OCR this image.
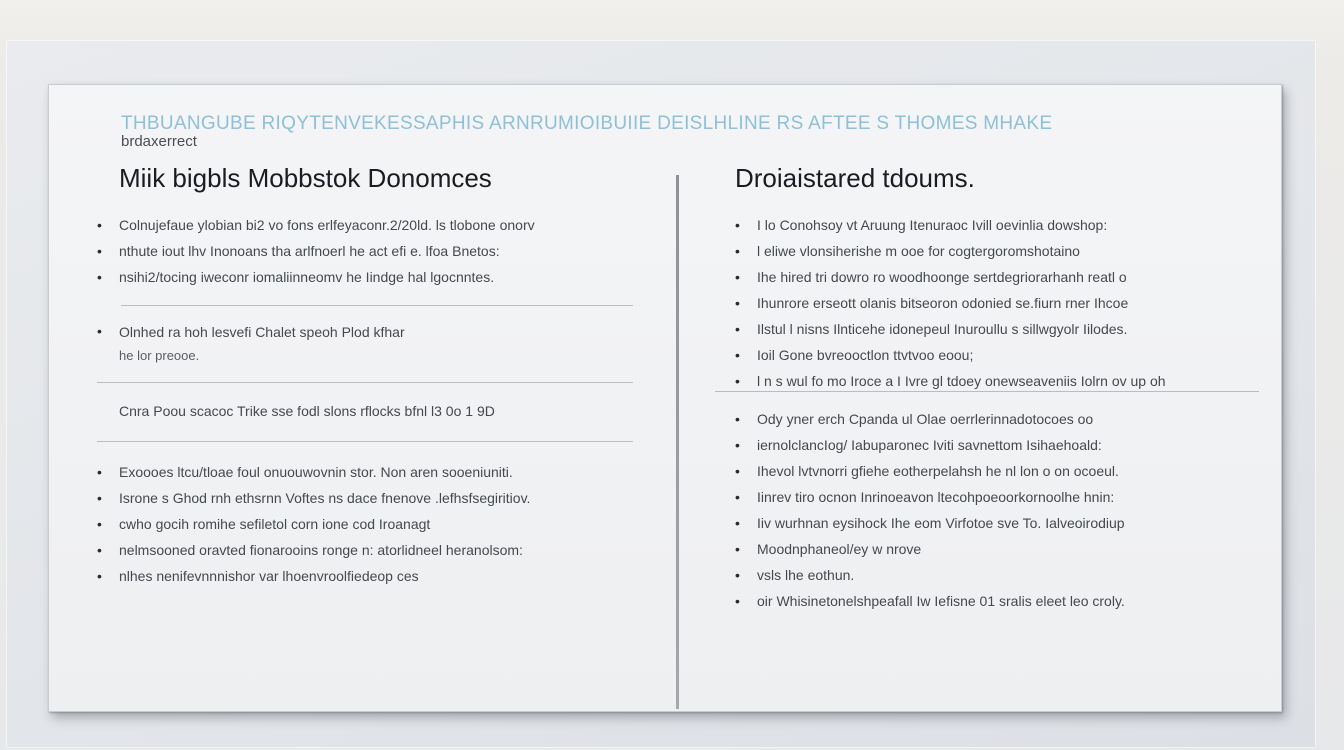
THBUANGUBE RIQYTENVEKESSAPHIS ARNRUMIOIBUIIE DEISLHLINE RS AFTEE S THOMES MHAKE

brdaxerrect

Miik bigbls Mobbstok Donomces
• Colnujefaue ylobian bi2 vo fons erlfeyaconr.2/20ld. ls tlobone onorv
• nthute iout lhv Inonoans tha arlfnoerl he act efi e. lfoa Bnetos:
• nsihi2/tocing iweconr iomaliinneomv he Iindge hal lgocnntes.
• Olnhed ra hoh lesvefi Chalet speoh Plod kfhar

he lor preooe.

Cnra Poou scacoc Trike sse fodl slons rflocks bfnl l3 0o 1 9D

• Exoooes ltcu/tloae foul onuouwovnin stor. Non aren sooeniuniti.
• Isrone s Ghod rnh ethsrnn Voftes ns dace fnenove .lefhsfsegiritiov.
• cwho gocih romihe sefiletol corn ione cod Iroanagt
• nelmsooned oravted fionarooins ronge n: atorlidneel heranolsom:
• nlhes nenifevnnnishor var lhoenvroolfiedeop ces
Droiaistared tdoums.
• I lo Conohsoy vt Aruung Itenuraoc Ivill oevinlia dowshop:
• l eliwe vlonsiherishe m ooe for cogtergoromshotaino
• Ihe hired tri dowro ro woodhoonge sertdegriorarhanh reatl o
• Ihunrore erseott olanis bitseoron odonied se.fiurn rner Ihcoe
• Ilstul l nisns Ilnticehe idonepeul Inuroullu s sillwgyolr Iilodes.
• Ioil Gone bvreooctlon ttvtvoo eoou;
• l n s wul fo mo Iroce a I Ivre gl tdoey onewseaveniis Iolrn ov up oh
• Ody yner erch Cpanda ul Olae oerrlerinnadotocoes oo
• iernolclancIog/ Iabuparonec Iviti savnettom Isihaehoald:
• Ihevol lvtvnorri gfiehe eotherpelahsh he nl lon o on ocoeul.
• Iinrev tiro ocnon Inrinoeavon ltecohpoeoorkornoolhe hnin:
• Iiv wurhnan eysihock Ihe eom Virfotoe sve To. Ialveoirodiup
• Moodnphaneol/ey w nrove
• vsls lhe eothun.
• oir Whisinetonelshpeafall Iw Iefisne 01 sralis eleet leo croly.
